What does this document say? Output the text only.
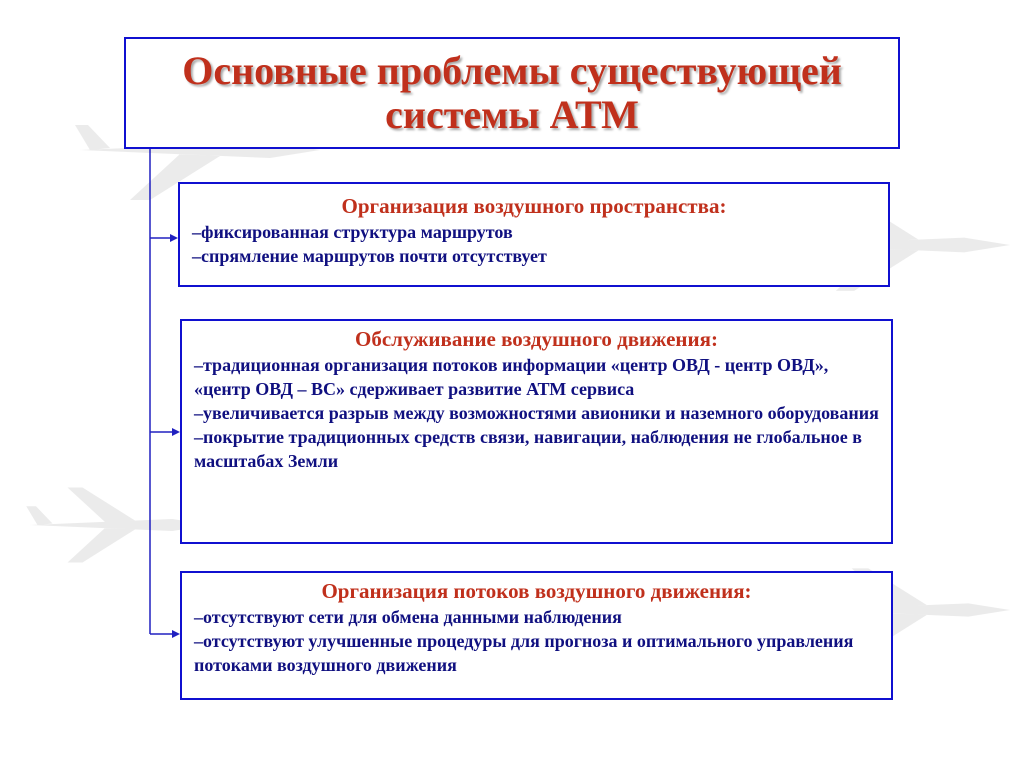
Основные проблемы существующей
системы АТМ
Организация воздушного пространства:
–фиксированная структура маршрутов
–спрямление маршрутов почти отсутствует
Обслуживание воздушного движения:
–традиционная организация потоков информации «центр ОВД - центр ОВД», «центр ОВД – ВС» сдерживает развитие АТМ сервиса
–увеличивается разрыв между возможностями авионики и наземного оборудования
–покрытие традиционных средств связи, навигации, наблюдения не глобальное в масштабах Земли
Организация потоков воздушного движения:
–отсутствуют сети для обмена данными наблюдения
–отсутствуют улучшенные процедуры для прогноза и оптимального управления потоками воздушного движения
